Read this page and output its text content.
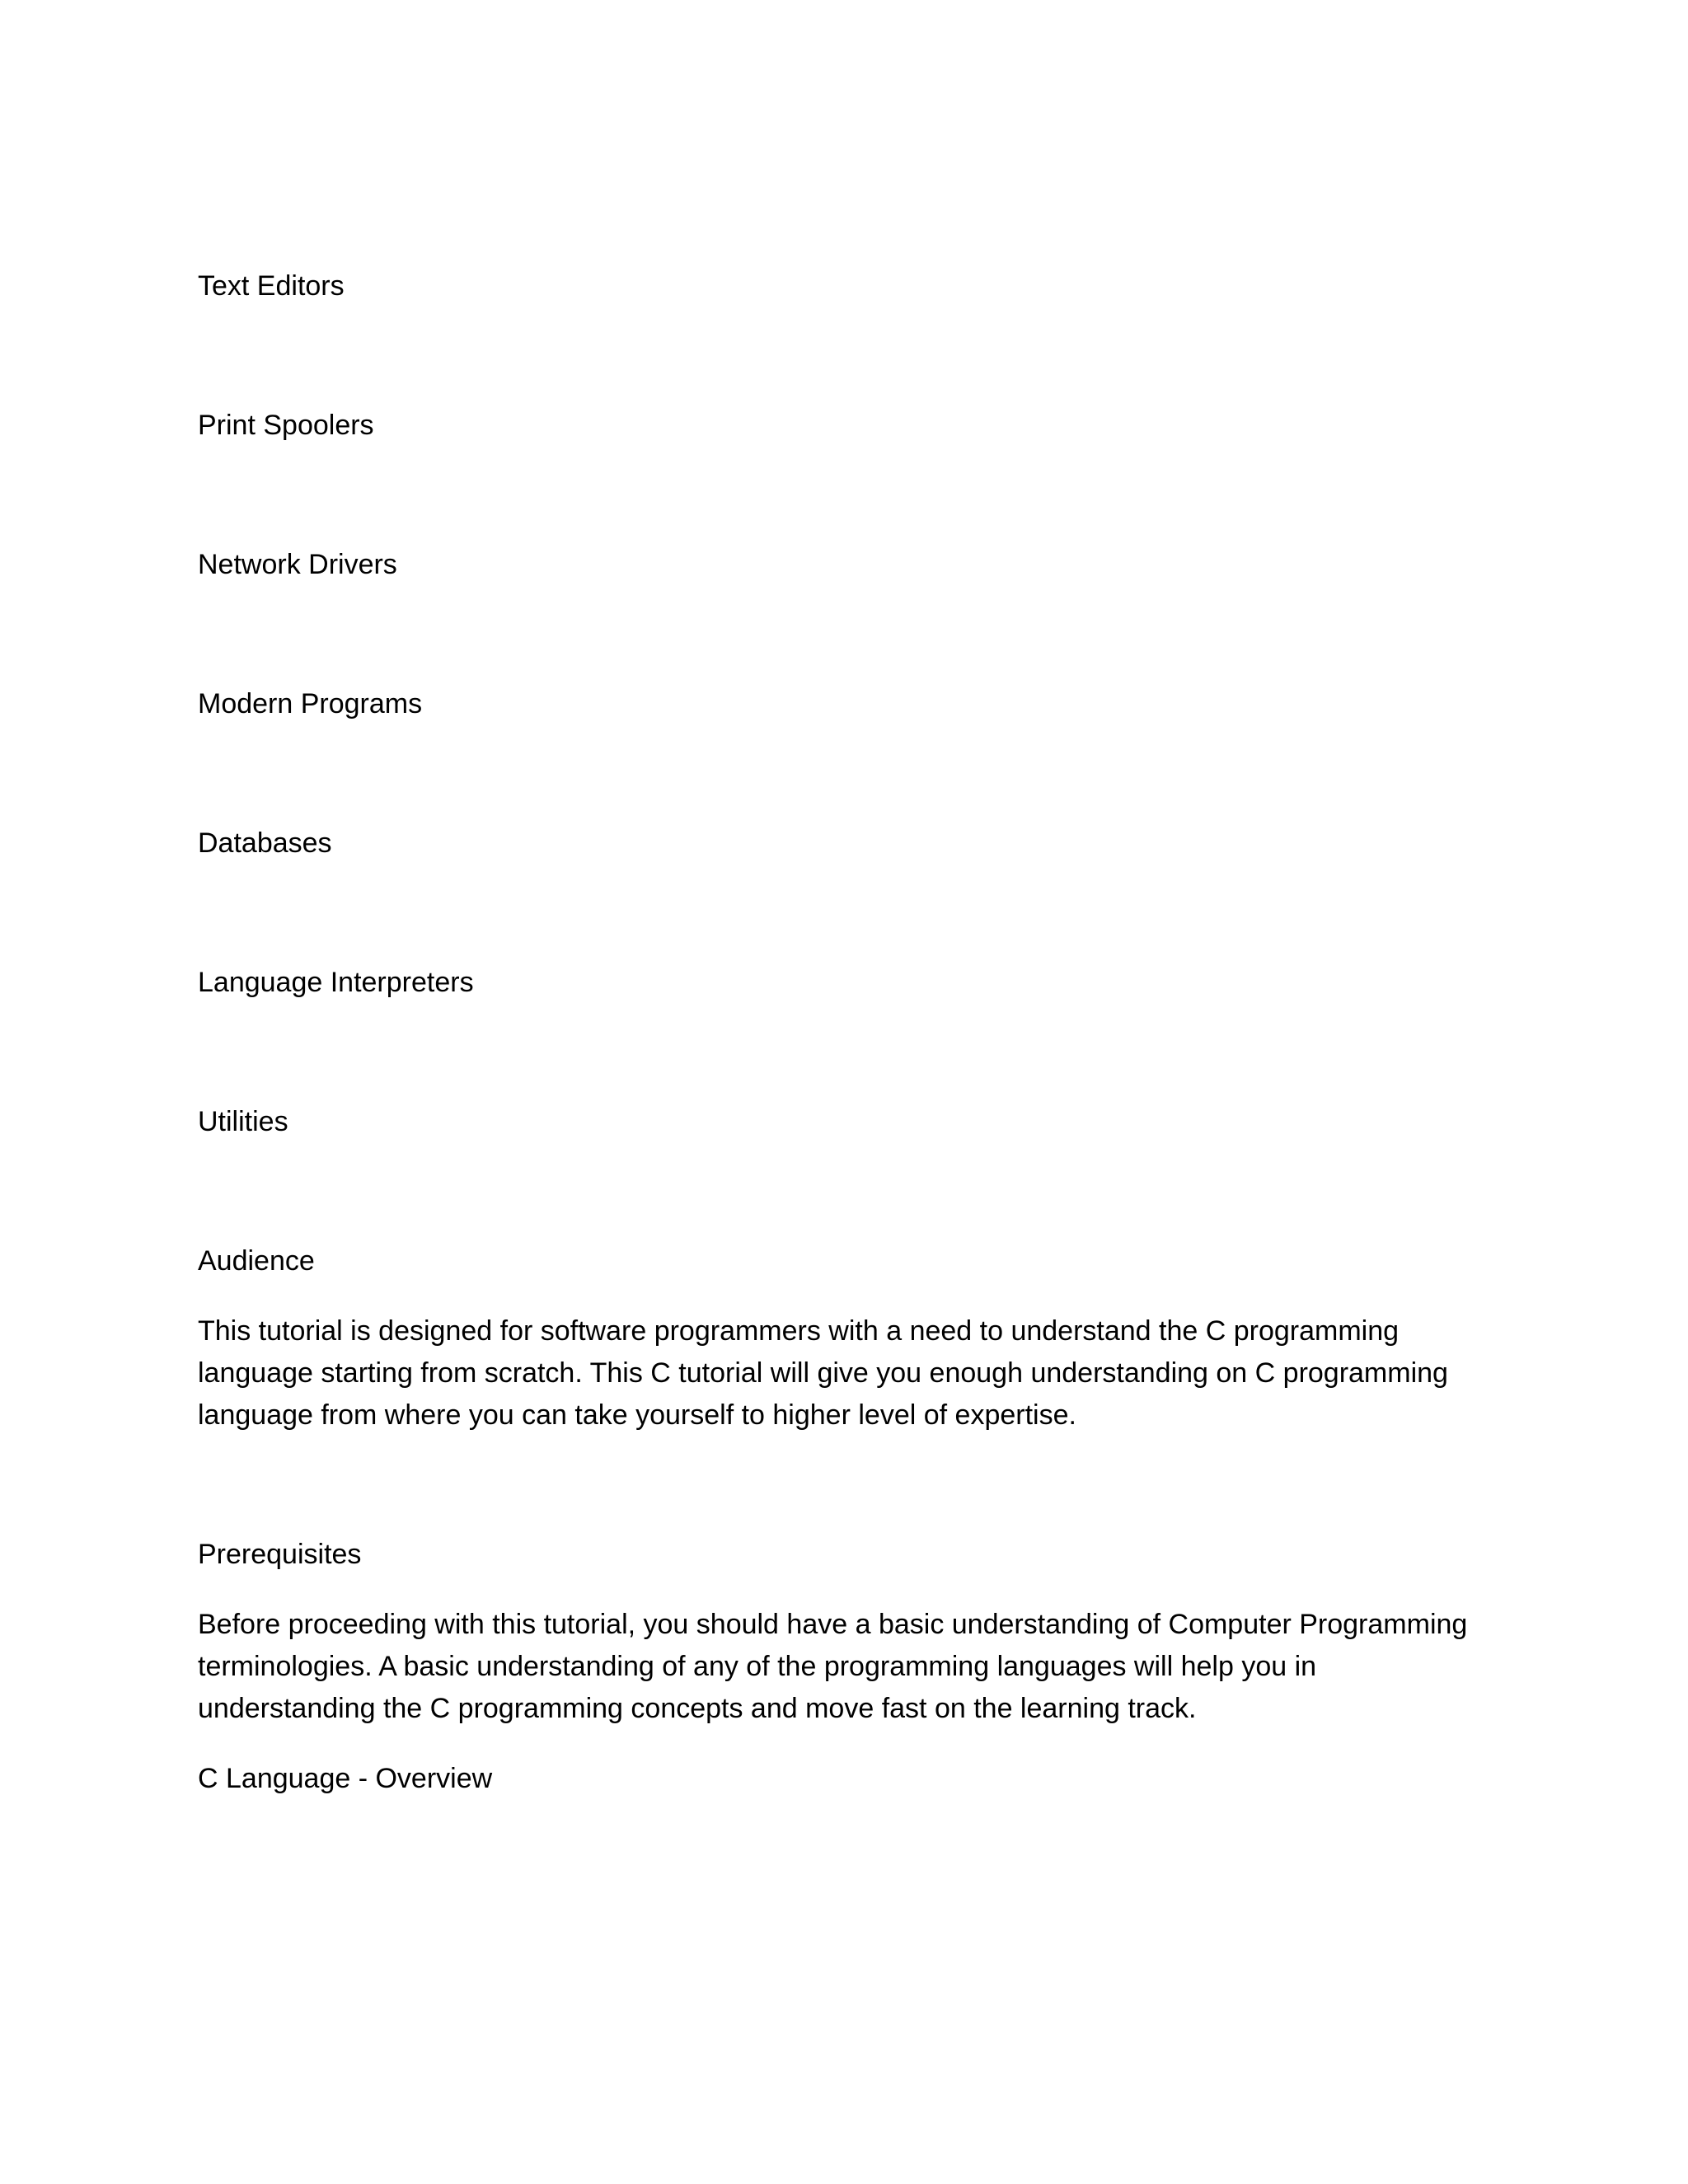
Text Editors

Print Spoolers

Network Drivers

Modern Programs

Databases

Language Interpreters

Utilities

Audience

This tutorial is designed for software programmers with a need to understand the C programming

language starting from scratch. This C tutorial will give you enough understanding on C programming

language from where you can take yourself to higher level of expertise.

Prerequisites

Before proceeding with this tutorial, you should have a basic understanding of Computer Programming

terminologies. A basic understanding of any of the programming languages will help you in

understanding the C programming concepts and move fast on the learning track.

C Language - Overview
